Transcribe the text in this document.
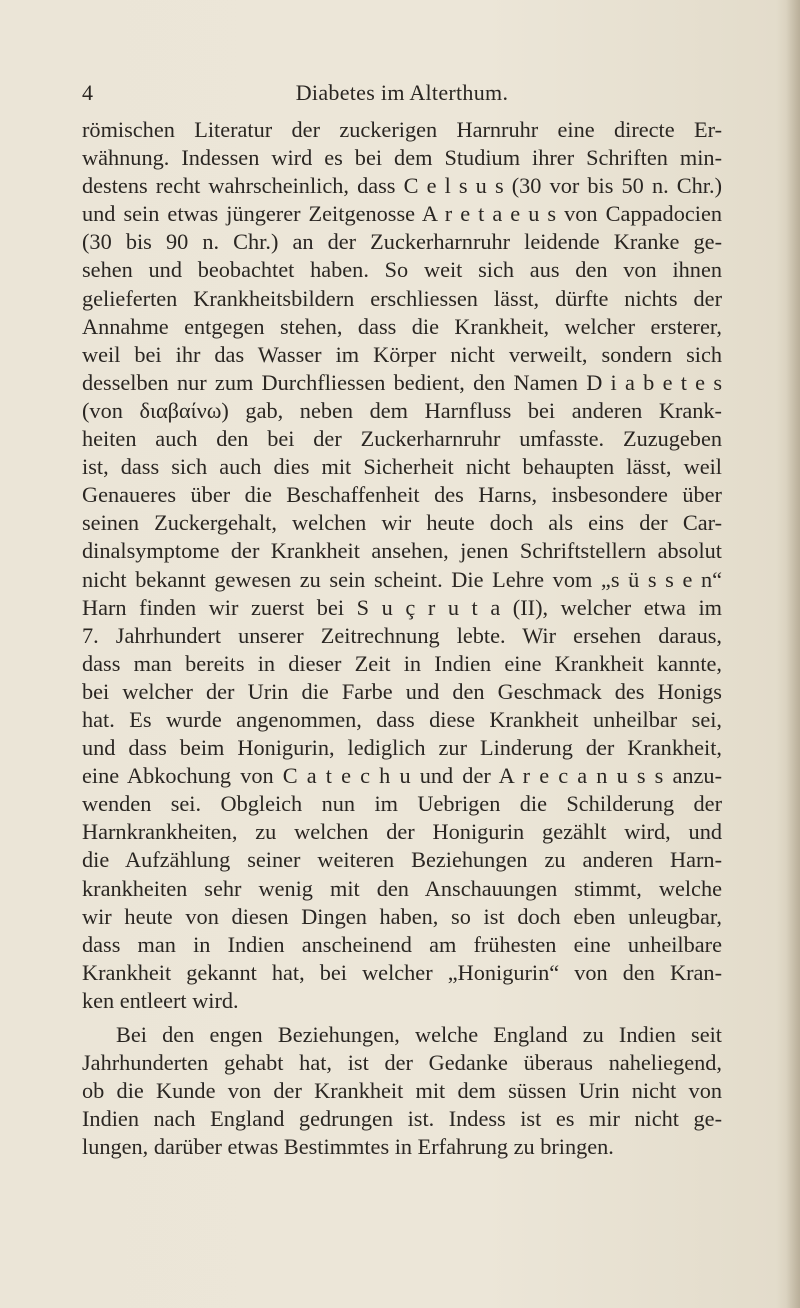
4	Diabetes im Alterthum.
römischen Literatur der zuckerigen Harnruhr eine directe Er-
wähnung. Indessen wird es bei dem Studium ihrer Schriften min-
destens recht wahrscheinlich, dass C e l s u s (30 vor bis 50 n. Chr.)
und sein etwas jüngerer Zeitgenosse A r e t a e u s von Cappadocien
(30 bis 90 n. Chr.) an der Zuckerharnruhr leidende Kranke ge-
sehen und beobachtet haben. So weit sich aus den von ihnen
gelieferten Krankheitsbildern erschliessen lässt, dürfte nichts der
Annahme entgegen stehen, dass die Krankheit, welcher ersterer,
weil bei ihr das Wasser im Körper nicht verweilt, sondern sich
desselben nur zum Durchfliessen bedient, den Namen D i a b e t e s
(von διαβαίνω) gab, neben dem Harnfluss bei anderen Krank-
heiten auch den bei der Zuckerharnruhr umfasste. Zuzugeben
ist, dass sich auch dies mit Sicherheit nicht behaupten lässt, weil
Genaueres über die Beschaffenheit des Harns, insbesondere über
seinen Zuckergehalt, welchen wir heute doch als eins der Car-
dinalsymptome der Krankheit ansehen, jenen Schriftstellern absolut
nicht bekannt gewesen zu sein scheint. Die Lehre vom „s ü s s e n“
Harn finden wir zuerst bei S u ç r u t a (II), welcher etwa im
7. Jahrhundert unserer Zeitrechnung lebte. Wir ersehen daraus,
dass man bereits in dieser Zeit in Indien eine Krankheit kannte,
bei welcher der Urin die Farbe und den Geschmack des Honigs
hat. Es wurde angenommen, dass diese Krankheit unheilbar sei,
und dass beim Honigurin, lediglich zur Linderung der Krankheit,
eine Abkochung von C a t e c h u und der A r e c a n u s s anzu-
wenden sei. Obgleich nun im Uebrigen die Schilderung der
Harnkrankheiten, zu welchen der Honigurin gezählt wird, und
die Aufzählung seiner weiteren Beziehungen zu anderen Harn-
krankheiten sehr wenig mit den Anschauungen stimmt, welche
wir heute von diesen Dingen haben, so ist doch eben unleugbar,
dass man in Indien anscheinend am frühesten eine unheilbare
Krankheit gekannt hat, bei welcher „Honigurin“ von den Kran-
ken entleert wird.
Bei den engen Beziehungen, welche England zu Indien seit
Jahrhunderten gehabt hat, ist der Gedanke überaus naheliegend,
ob die Kunde von der Krankheit mit dem süssen Urin nicht von
Indien nach England gedrungen ist. Indess ist es mir nicht ge-
lungen, darüber etwas Bestimmtes in Erfahrung zu bringen.
